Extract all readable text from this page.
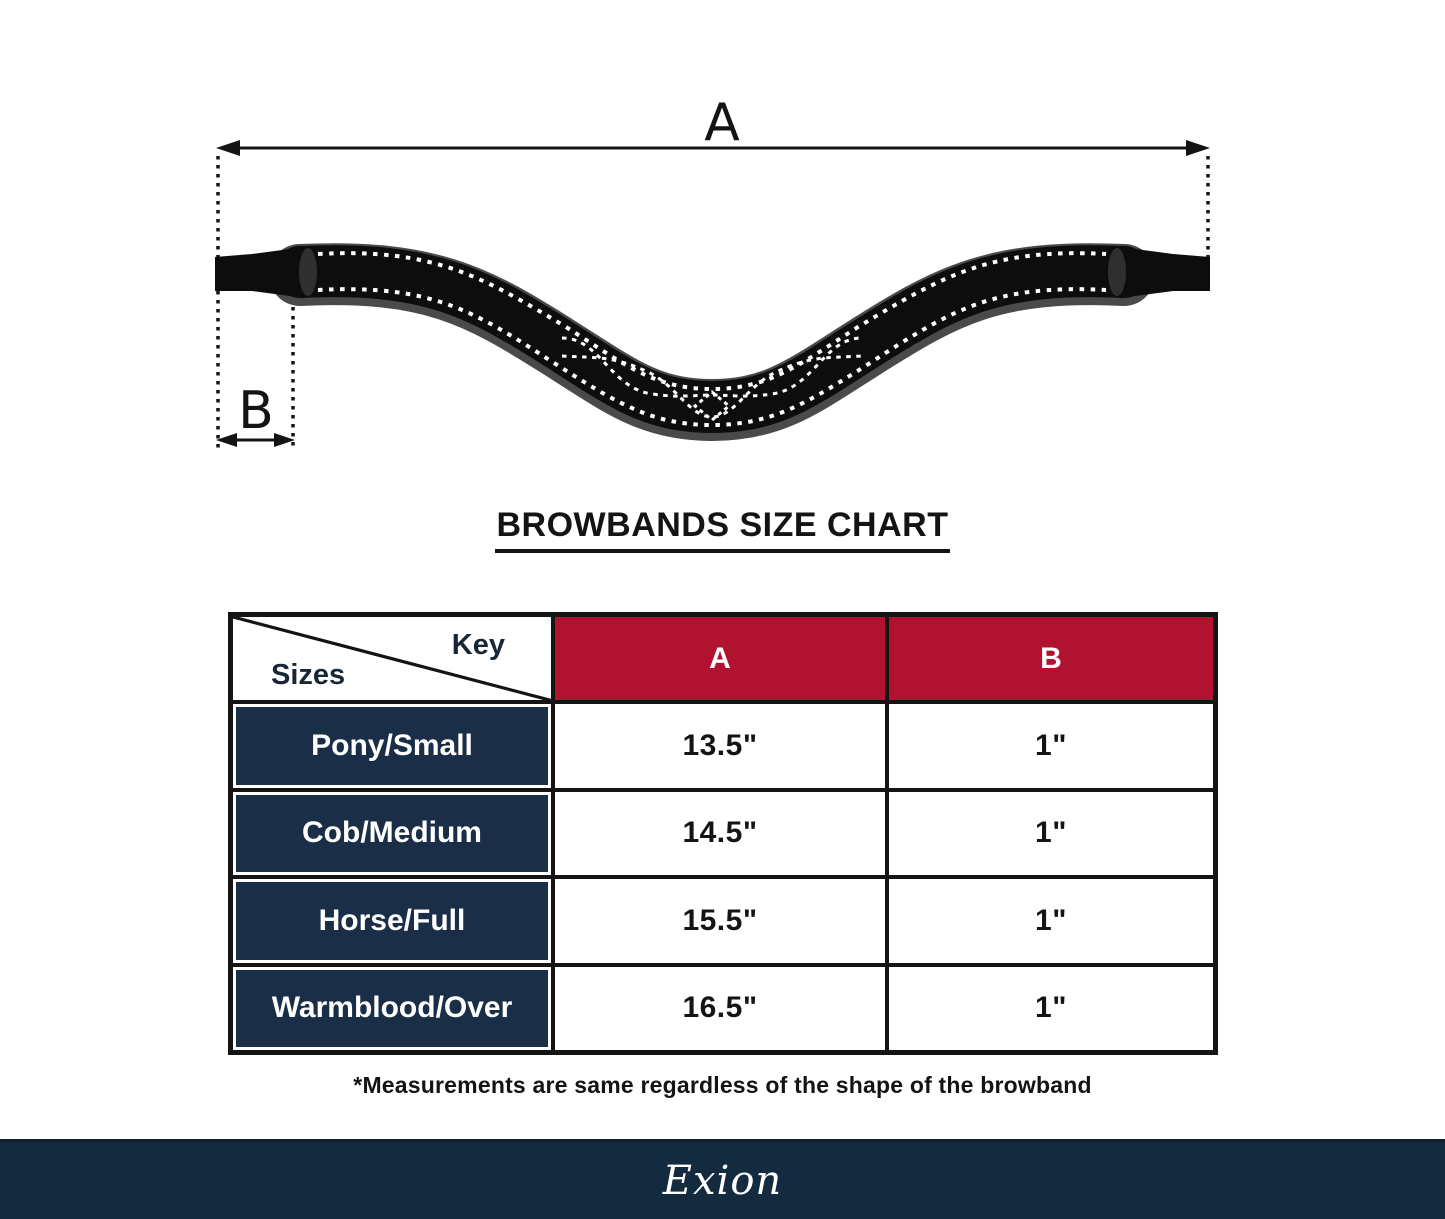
A
B
BROWBANDS SIZE CHART
Key
Sizes
A	B
Pony/Small	13.5"	1"
Cob/Medium	14.5"	1"
Horse/Full	15.5"	1"
Warmblood/Over	16.5"	1"
*Measurements are same regardless of the shape of the browband
Exion
